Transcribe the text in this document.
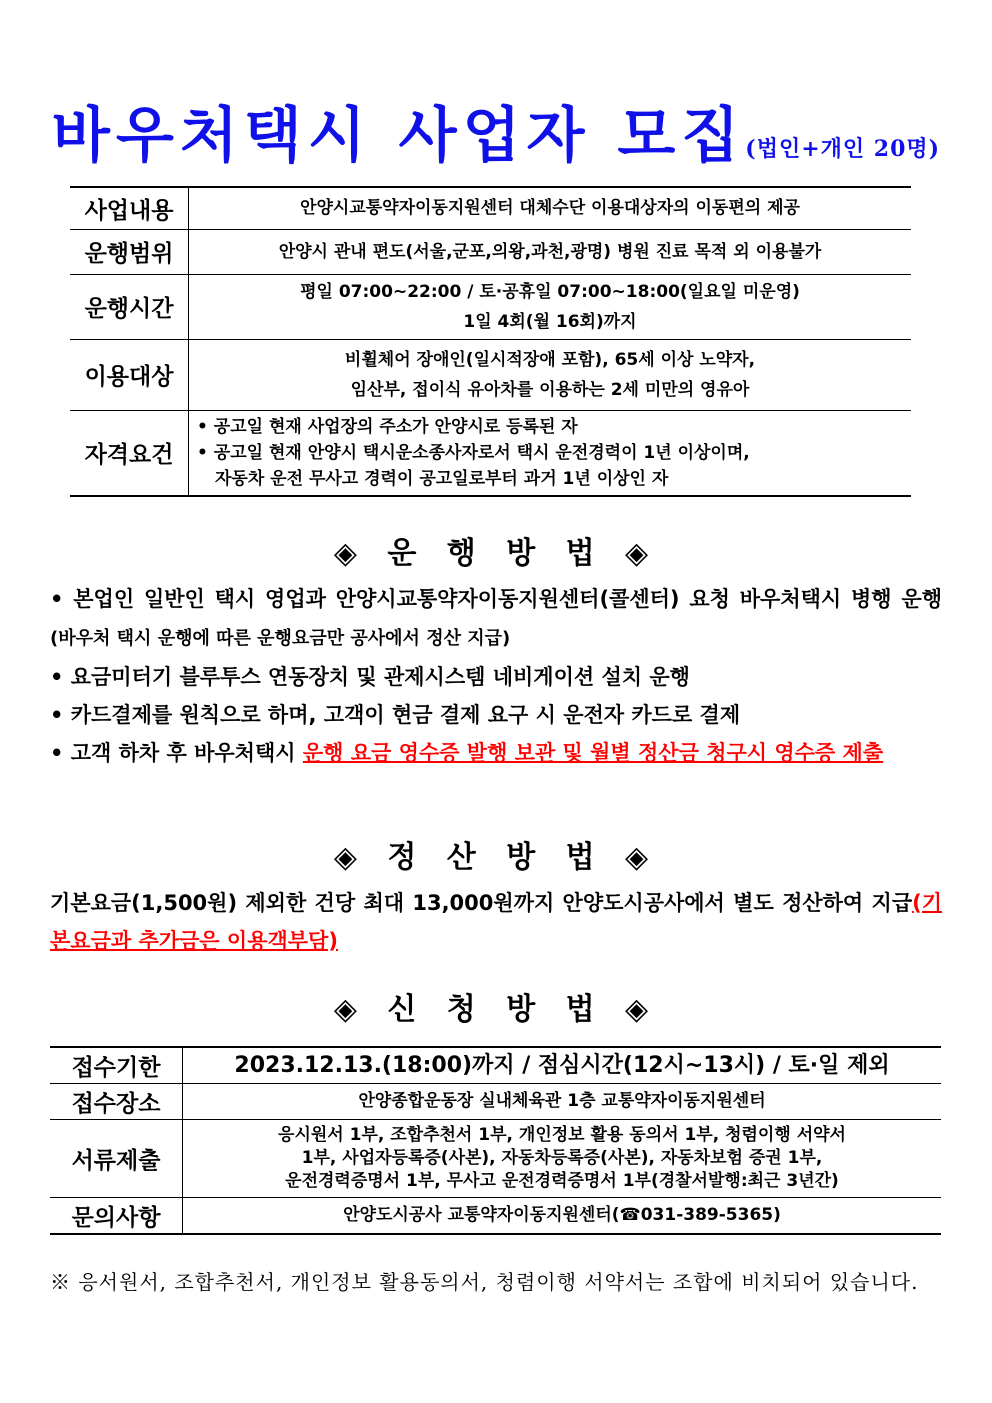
바우처택시 사업자 모집(법인+개인 20명)
사업내용	안양시교통약자이동지원센터 대체수단 이용대상자의 이동편의 제공
운행범위	안양시 관내 편도(서울,군포,의왕,과천,광명) 병원 진료 목적 외 이용불가
운행시간	평일 07:00~22:00 / 토·공휴일 07:00~18:00(일요일 미운영)
1일 4회(월 16회)까지

이용대상	비휠체어 장애인(일시적장애 포함), 65세 이상 노약자,
임산부, 접이식 유아차를 이용하는 2세 미만의 영유아

자격요건	• 공고일 현재 사업장의 주소가 안양시로 등록된 자
• 공고일 현재 안양시 택시운소종사자로서 택시 운전경력이 1년 이상이며,
자동차 운전 무사고 경력이 공고일로부터 과거 1년 이상인 자
◈ 운 행 방 법 ◈
• 본업인 일반인 택시 영업과 안양시교통약자이동지원센터(콜센터) 요청 바우처택시 병행 운행(바우처 택시 운행에 따른 운행요금만 공사에서 정산 지급)
• 요금미터기 블루투스 연동장치 및 관제시스템 네비게이션 설치 운행
• 카드결제를 원칙으로 하며, 고객이 현금 결제 요구 시 운전자 카드로 결제
• 고객 하차 후 바우처택시 운행 요금 영수증 발행 보관 및 월별 정산금 청구시 영수증 제출
◈ 정 산 방 법 ◈
기본요금(1,500원) 제외한 건당 최대 13,000원까지 안양도시공사에서 별도 정산하여 지급(기본요금과 추가금은 이용객부담)
◈ 신 청 방 법 ◈
접수기한	2023.12.13.(18:00)까지 / 점심시간(12시~13시) / 토·일 제외
접수장소	안양종합운동장 실내체육관 1층 교통약자이동지원센터
서류제출	응시원서 1부, 조합추천서 1부, 개인정보 활용 동의서 1부, 청렴이행 서약서
1부, 사업자등록증(사본), 자동차등록증(사본), 자동차보험 증권 1부,
운전경력증명서 1부, 무사고 운전경력증명서 1부(경찰서발행:최근 3년간)

문의사항	안양도시공사 교통약자이동지원센터(☎031-389-5365)
※ 응서원서, 조합추천서, 개인정보 활용동의서, 청렴이행 서약서는 조합에 비치되어 있습니다.
